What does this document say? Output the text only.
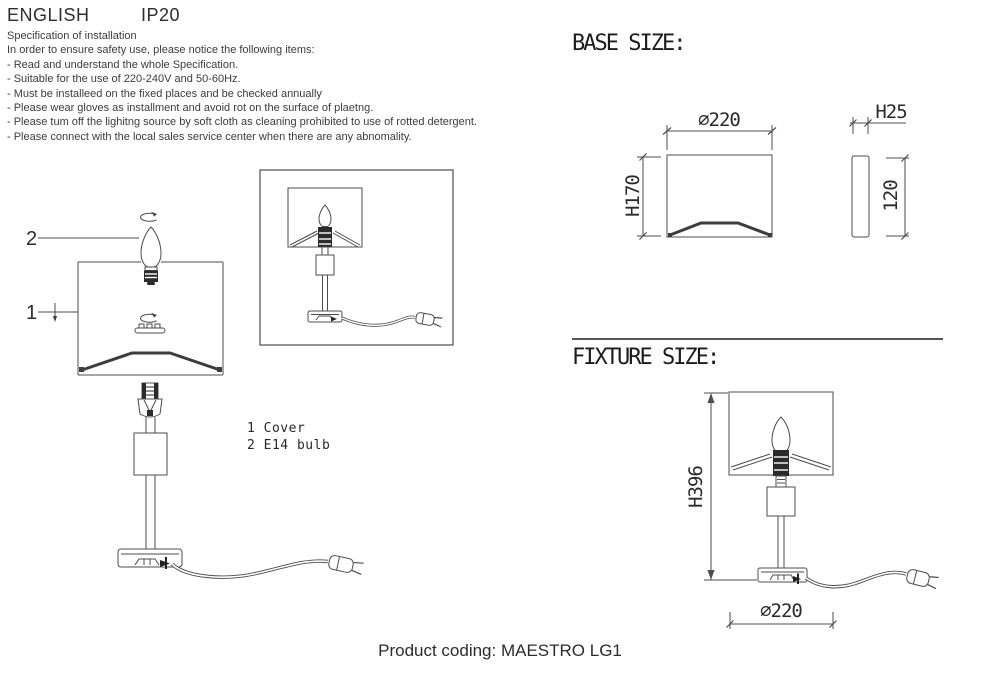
ENGLISH	IP20
Specification of installation
In order to ensure safety use, please notice the following items:
- Read and understand the whole Specification.
- Suitable for the use of 220-240V and 50-60Hz.
- Must be installeed on the fixed places and be checked annually
- Please wear gloves as installment and avoid rot on the surface of plaetng.
- Please tum off the lighitng source by soft cloth as cleaning prohibited to use of rotted detergent.
- Please connect with the local sales service center when there are any abnomality.
2
1
1 Cover
2 E14 bulb
BASE SIZE:
⌀220
H170
H25
120
FIXTURE SIZE:
H396
⌀220
Product coding: MAESTRO LG1
